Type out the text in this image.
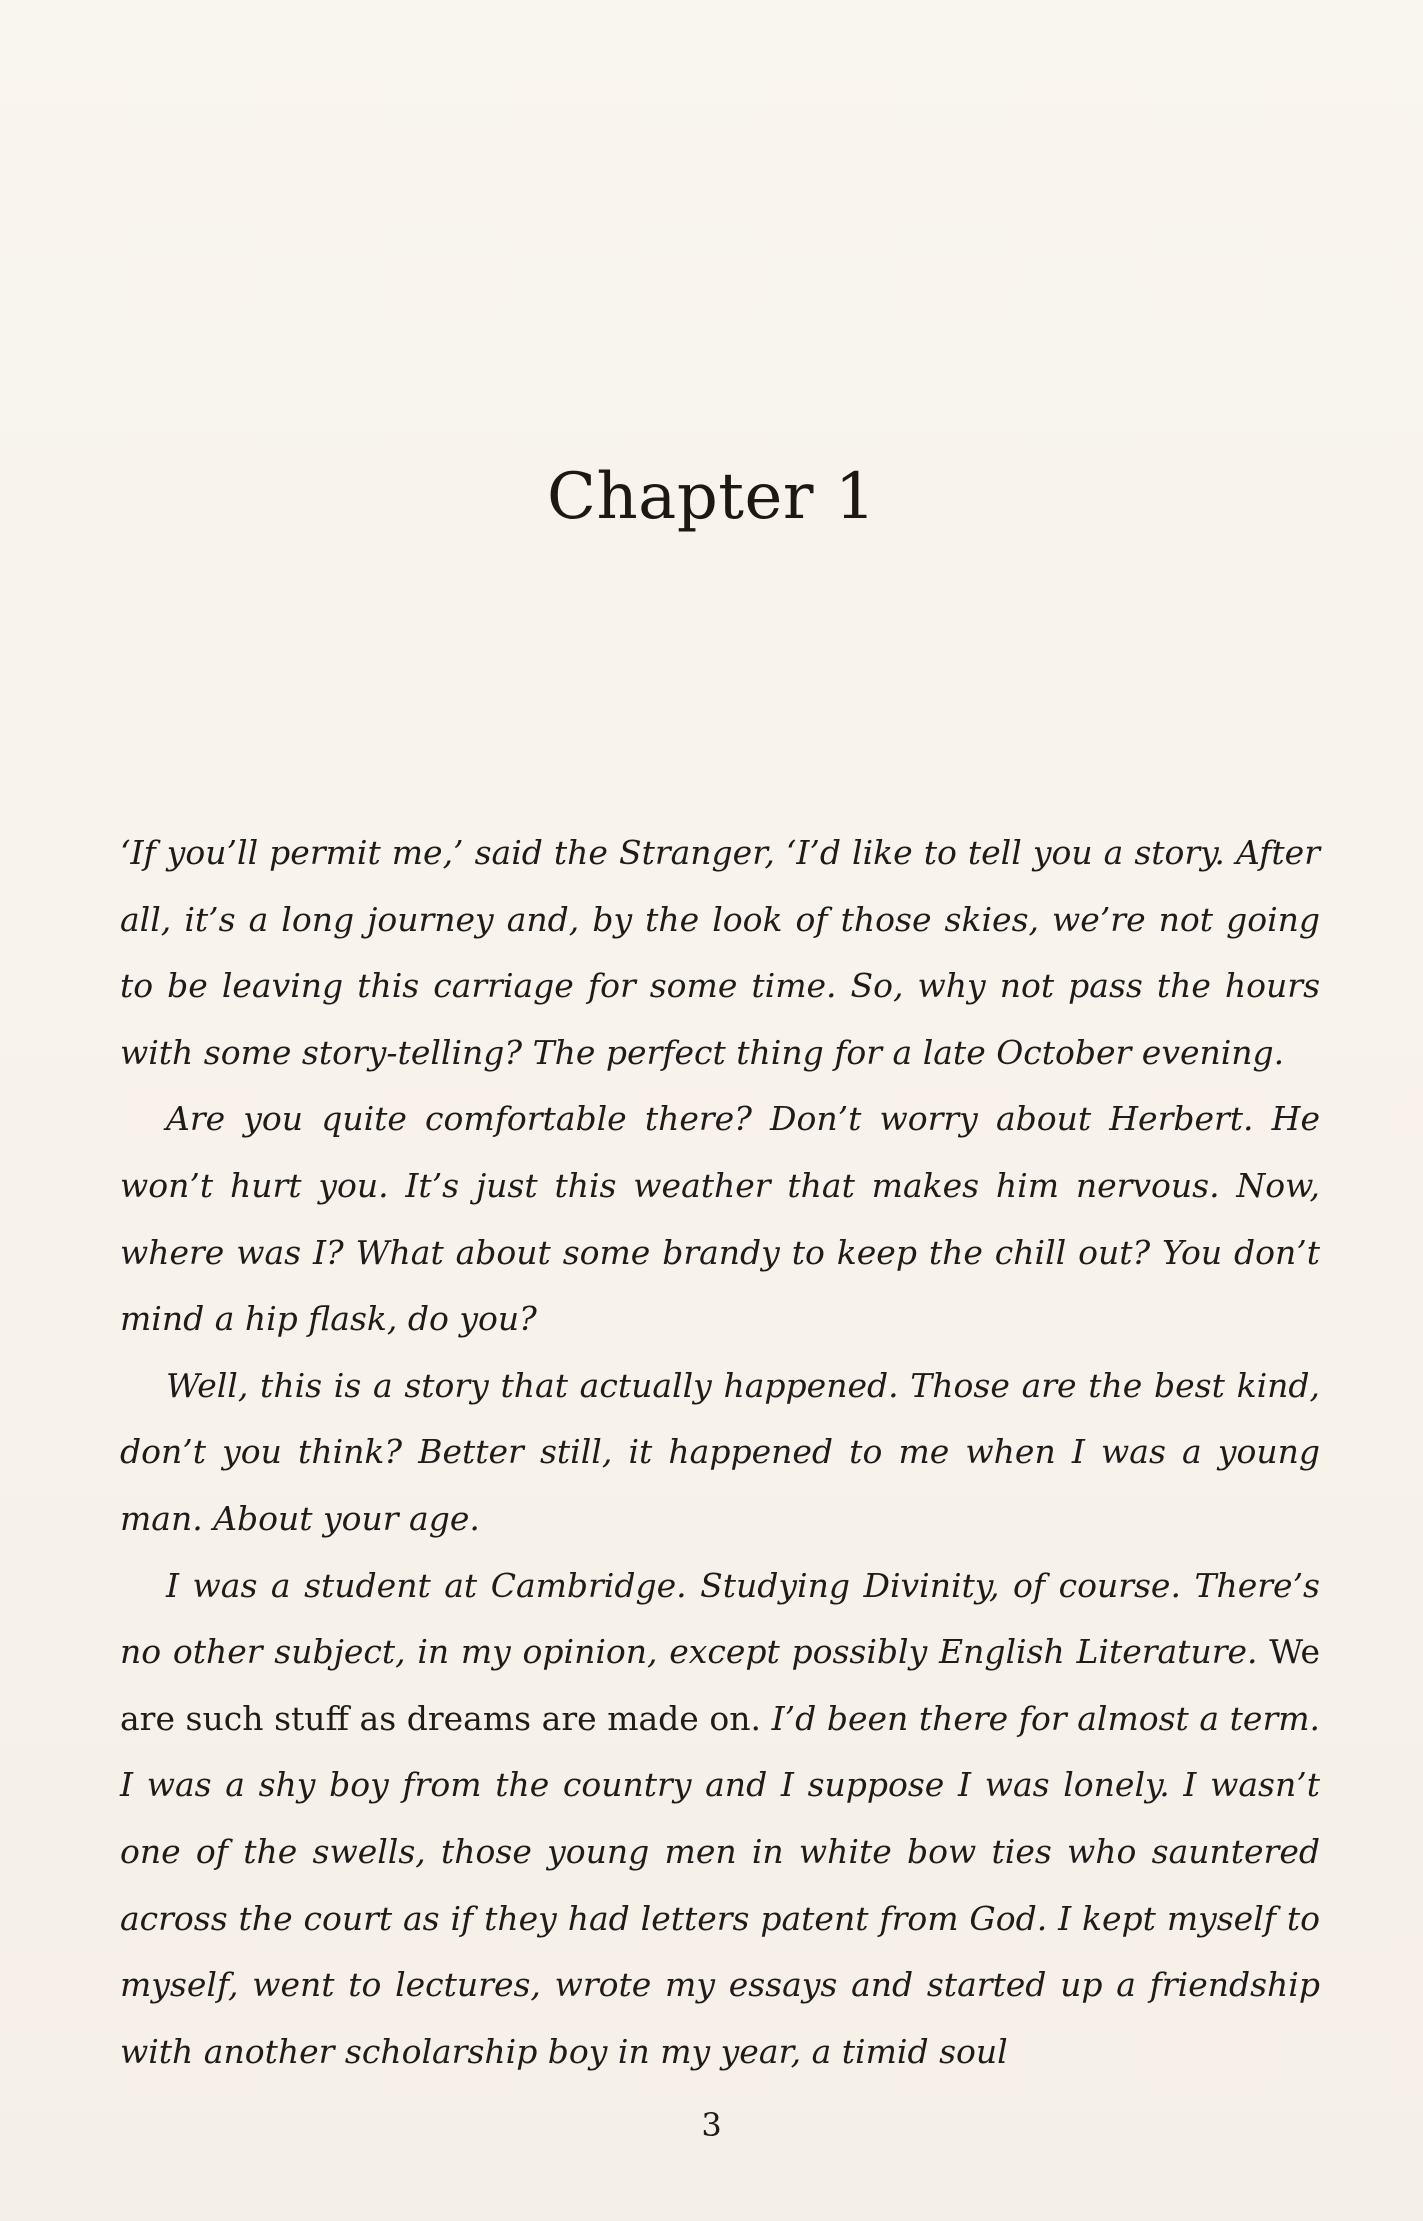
Chapter 1

‘If you’ll permit me,’ said the Stranger, ‘I’d like to tell you a story. After all, it’s a long journey and, by the look of those skies, we’re not going to be leaving this carriage for some time. So, why not pass the hours with some story-telling? The perfect thing for a late October evening.

Are you quite comfortable there? Don’t worry about Herbert. He won’t hurt you. It’s just this weather that makes him nervous. Now, where was I? What about some brandy to keep the chill out? You don’t mind a hip flask, do you?

Well, this is a story that actually happened. Those are the best kind, don’t you think? Better still, it happened to me when I was a young man. About your age.

I was a student at Cambridge. Studying Divinity, of course. There’s no other subject, in my opinion, except possibly English Literature. We are such stuff as dreams are made on. I’d been there for almost a term. I was a shy boy from the country and I suppose I was lonely. I wasn’t one of the swells, those young men in white bow ties who sauntered across the court as if they had letters patent from God. I kept myself to myself, went to lectures, wrote my essays and started up a friendship with another scholarship boy in my year, a timid soul

3
